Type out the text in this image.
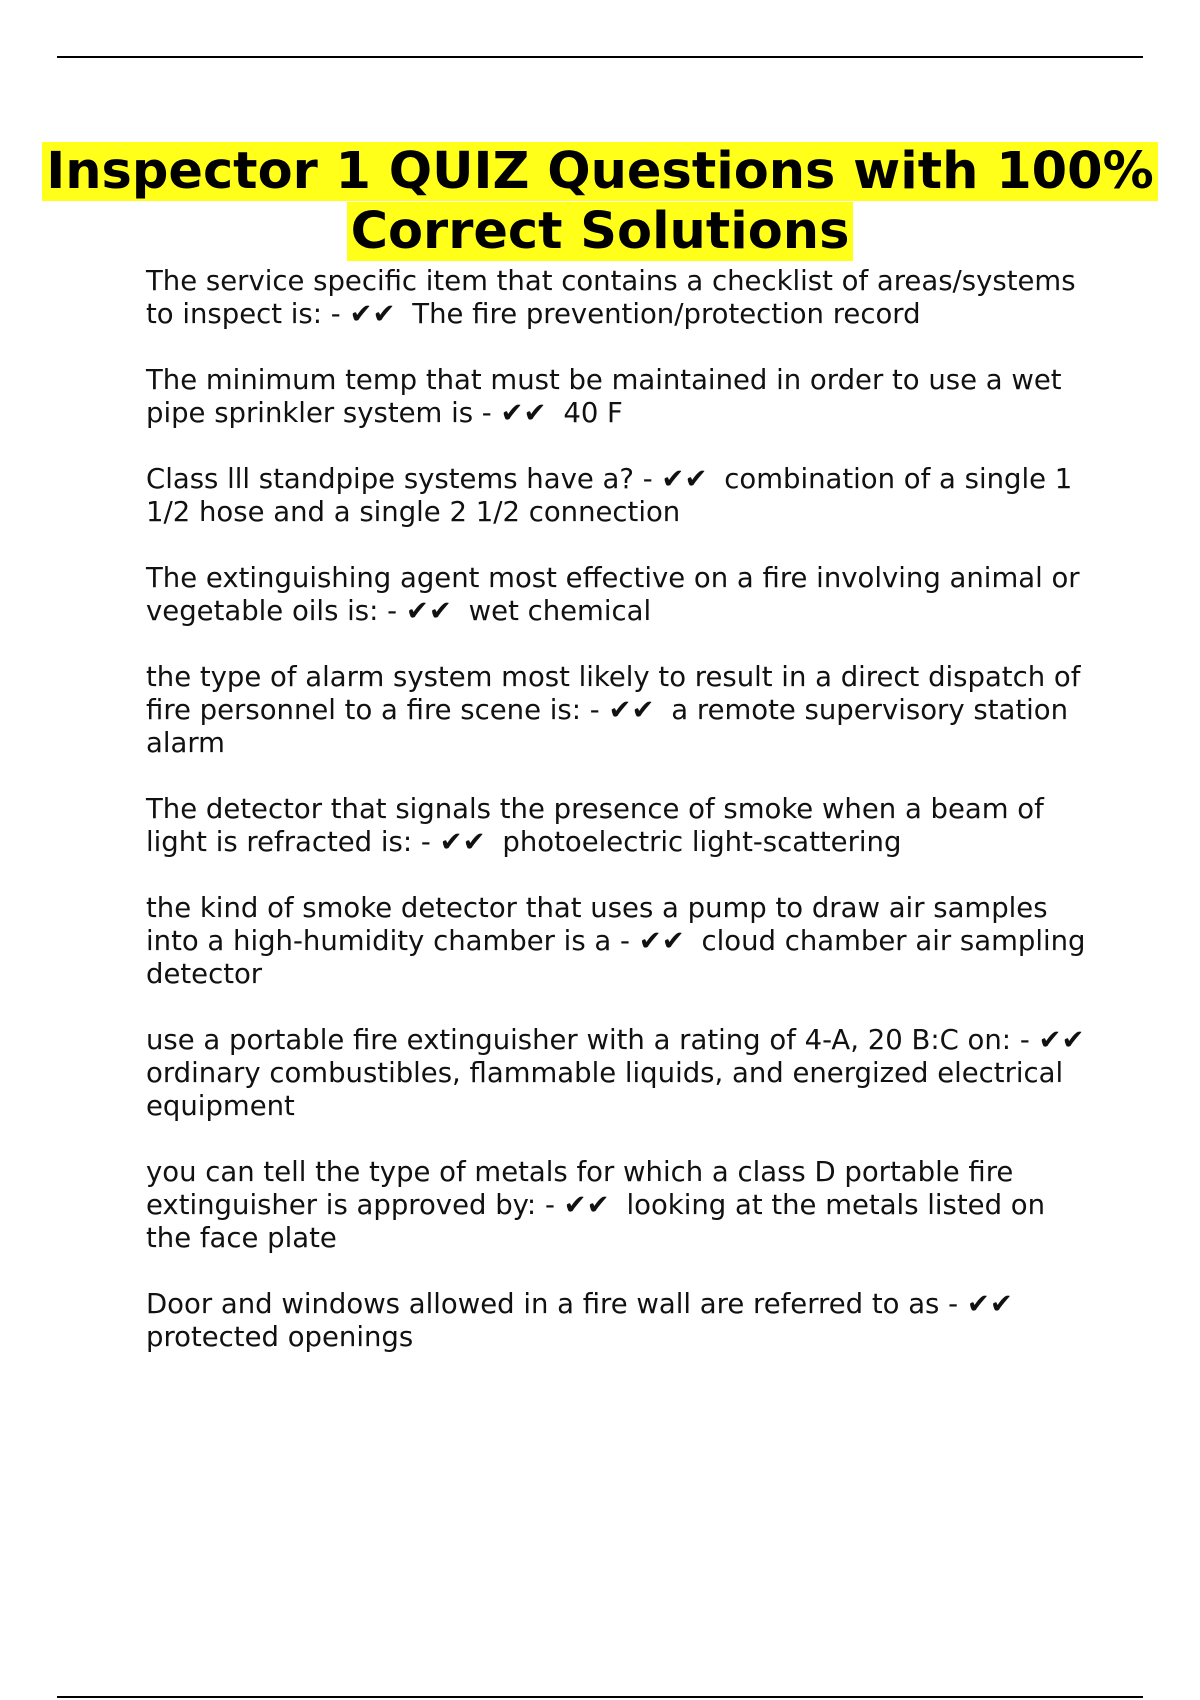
Inspector 1 QUIZ Questions with 100% Correct Solutions
The service specific item that contains a checklist of areas/systems to inspect is: - ✔✔ The fire prevention/protection record
The minimum temp that must be maintained in order to use a wet pipe sprinkler system is - ✔✔ 40 F
Class lll standpipe systems have a? - ✔✔ combination of a single 1 1/2 hose and a single 2 1/2 connection
The extinguishing agent most effective on a fire involving animal or vegetable oils is: - ✔✔ wet chemical
the type of alarm system most likely to result in a direct dispatch of fire personnel to a fire scene is: - ✔✔ a remote supervisory station alarm
The detector that signals the presence of smoke when a beam of light is refracted is: - ✔✔ photoelectric light-scattering
the kind of smoke detector that uses a pump to draw air samples into a high-humidity chamber is a - ✔✔ cloud chamber air sampling detector
use a portable fire extinguisher with a rating of 4-A, 20 B:C on: - ✔✔ ordinary combustibles, flammable liquids, and energized electrical equipment
you can tell the type of metals for which a class D portable fire extinguisher is approved by: - ✔✔ looking at the metals listed on the face plate
Door and windows allowed in a fire wall are referred to as - ✔✔ protected openings
